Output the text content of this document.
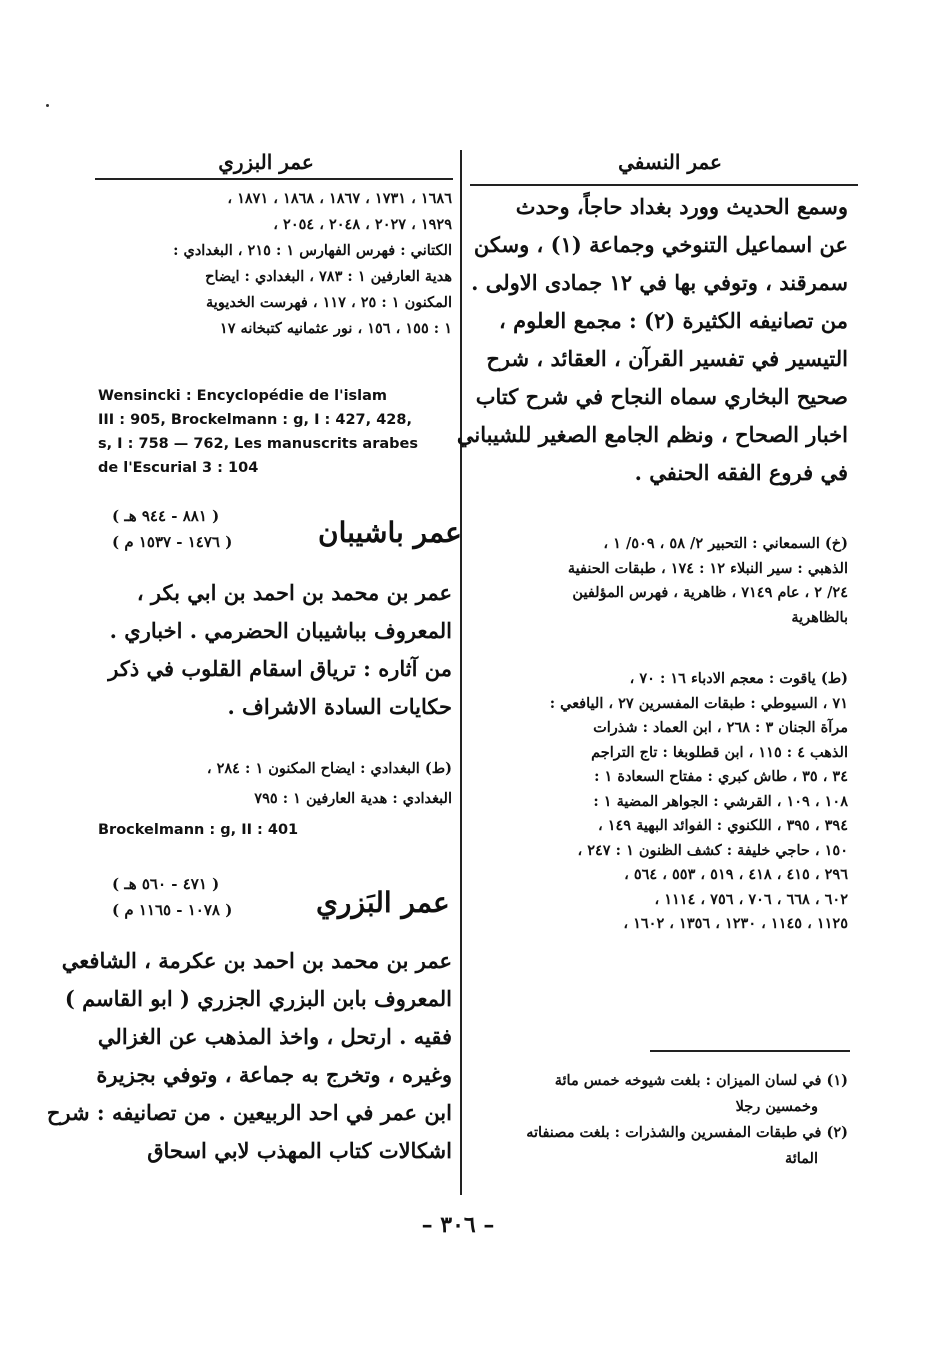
عمر البزري	عمر النسفي
وسمع الحديث وورد بغداد حاجاً، وحدث
عن اسماعيل التنوخي وجماعة (١) ، وسكن
سمرقند ، وتوفي بها في ١٢ جمادى الاولى .
من تصانيفه الكثيرة (٢) : مجمع العلوم ،
التيسير في تفسير القرآن ، العقائد ، شرح
صحيح البخاري سماه النجاح في شرح كتاب
اخبار الصحاح ، ونظم الجامع الصغير للشيباني
في فروع الفقه الحنفي .
(خ) السمعاني : التحبير ٢/ ٥٨ ، ٥٠٩/ ١ ،
الذهبي : سير النبلاء ١٢ : ١٧٤ ، طبقات الحنفية
٢٤/ ٢ ، عام ٧١٤٩ ، ظاهرية ، فهرس المؤلفين
بالظاهرية
(ط) ياقوت : معجم الادباء ١٦ : ٧٠ ،
٧١ ، السيوطي : طبقات المفسرين ٢٧ ، اليافعي :
مرآة الجنان ٣ : ٢٦٨ ، ابن العماد : شذرات
الذهب ٤ : ١١٥ ، ابن قطلوبغا : تاج التراجم
٣٤ ، ٣٥ ، طاش كبري : مفتاح السعادة ١ :
١٠٨ ، ١٠٩ ، القرشي : الجواهر المضية ١ :
٣٩٤ ، ٣٩٥ ، اللكنوي : الفوائد البهية ١٤٩ ،
١٥٠ ، حاجي خليفة : كشف الظنون ١ : ٢٤٧ ،
٢٩٦ ، ٤١٥ ، ٤١٨ ، ٥١٩ ، ٥٥٣ ، ٥٦٤ ،
٦٠٢ ، ٦٦٨ ، ٧٠٦ ، ٧٥٦ ، ١١١٤ ،
١١٢٥ ، ١١٤٥ ، ١٢٣٠ ، ١٣٥٦ ، ١٦٠٢ ،
(١) في لسان الميزان : بلغت شيوخه خمس مائة
وخمسين رجلا
(٢) في طبقات المفسرين والشذرات : بلغت مصنفاته
المائة
١٦٨٦ ، ١٧٣١ ، ١٨٦٧ ، ١٨٦٨ ، ١٨٧١ ،
١٩٢٩ ، ٢٠٢٧ ، ٢٠٤٨ ، ٢٠٥٤ ،
الكتاني : فهرس الفهارس ١ : ٢١٥ ، البغدادي :
هدية العارفين ١ : ٧٨٣ ، البغدادي : ايضاح
المكنون ١ : ٢٥ ، ١١٧ ، فهرست الخديوية
١ : ١٥٥ ، ١٥٦ ، نور عثمانيه كتبخانه ١٧
Wensincki : Encyclopédie de l'islam
III : 905, Brockelmann : g, I : 427, 428,
s, I : 758 — 762, Les manuscrits arabes
de l'Escurial 3 : 104
عمر باشيبان
( ٨٨١ - ٩٤٤ هـ )
( ١٤٧٦ - ١٥٣٧ م )
عمر بن محمد بن احمد بن ابي بكر ،
المعروف بباشيبان الحضرمي . اخباري .
من آثاره : ترياق اسقام القلوب في ذكر
حكايات السادة الاشراف .
(ط) البغدادي : ايضاح المكنون ١ : ٢٨٤ ،
البغدادي : هدية العارفين ١ : ٧٩٥
Brockelmann : g, II : 401
عمر البَزري
( ٤٧١ - ٥٦٠ هـ )
( ١٠٧٨ - ١١٦٥ م )
عمر بن محمد بن احمد بن عكرمة ، الشافعي
المعروف بابن البزري الجزري ( ابو القاسم )
فقيه . ارتحل ، واخذ المذهب عن الغزالي
وغيره ، وتخرج به جماعة ، وتوفي بجزيرة
ابن عمر في احد الربيعين . من تصانيفه : شرح
اشكالات كتاب المهذب لابي اسحاق
– ٣٠٦ –
